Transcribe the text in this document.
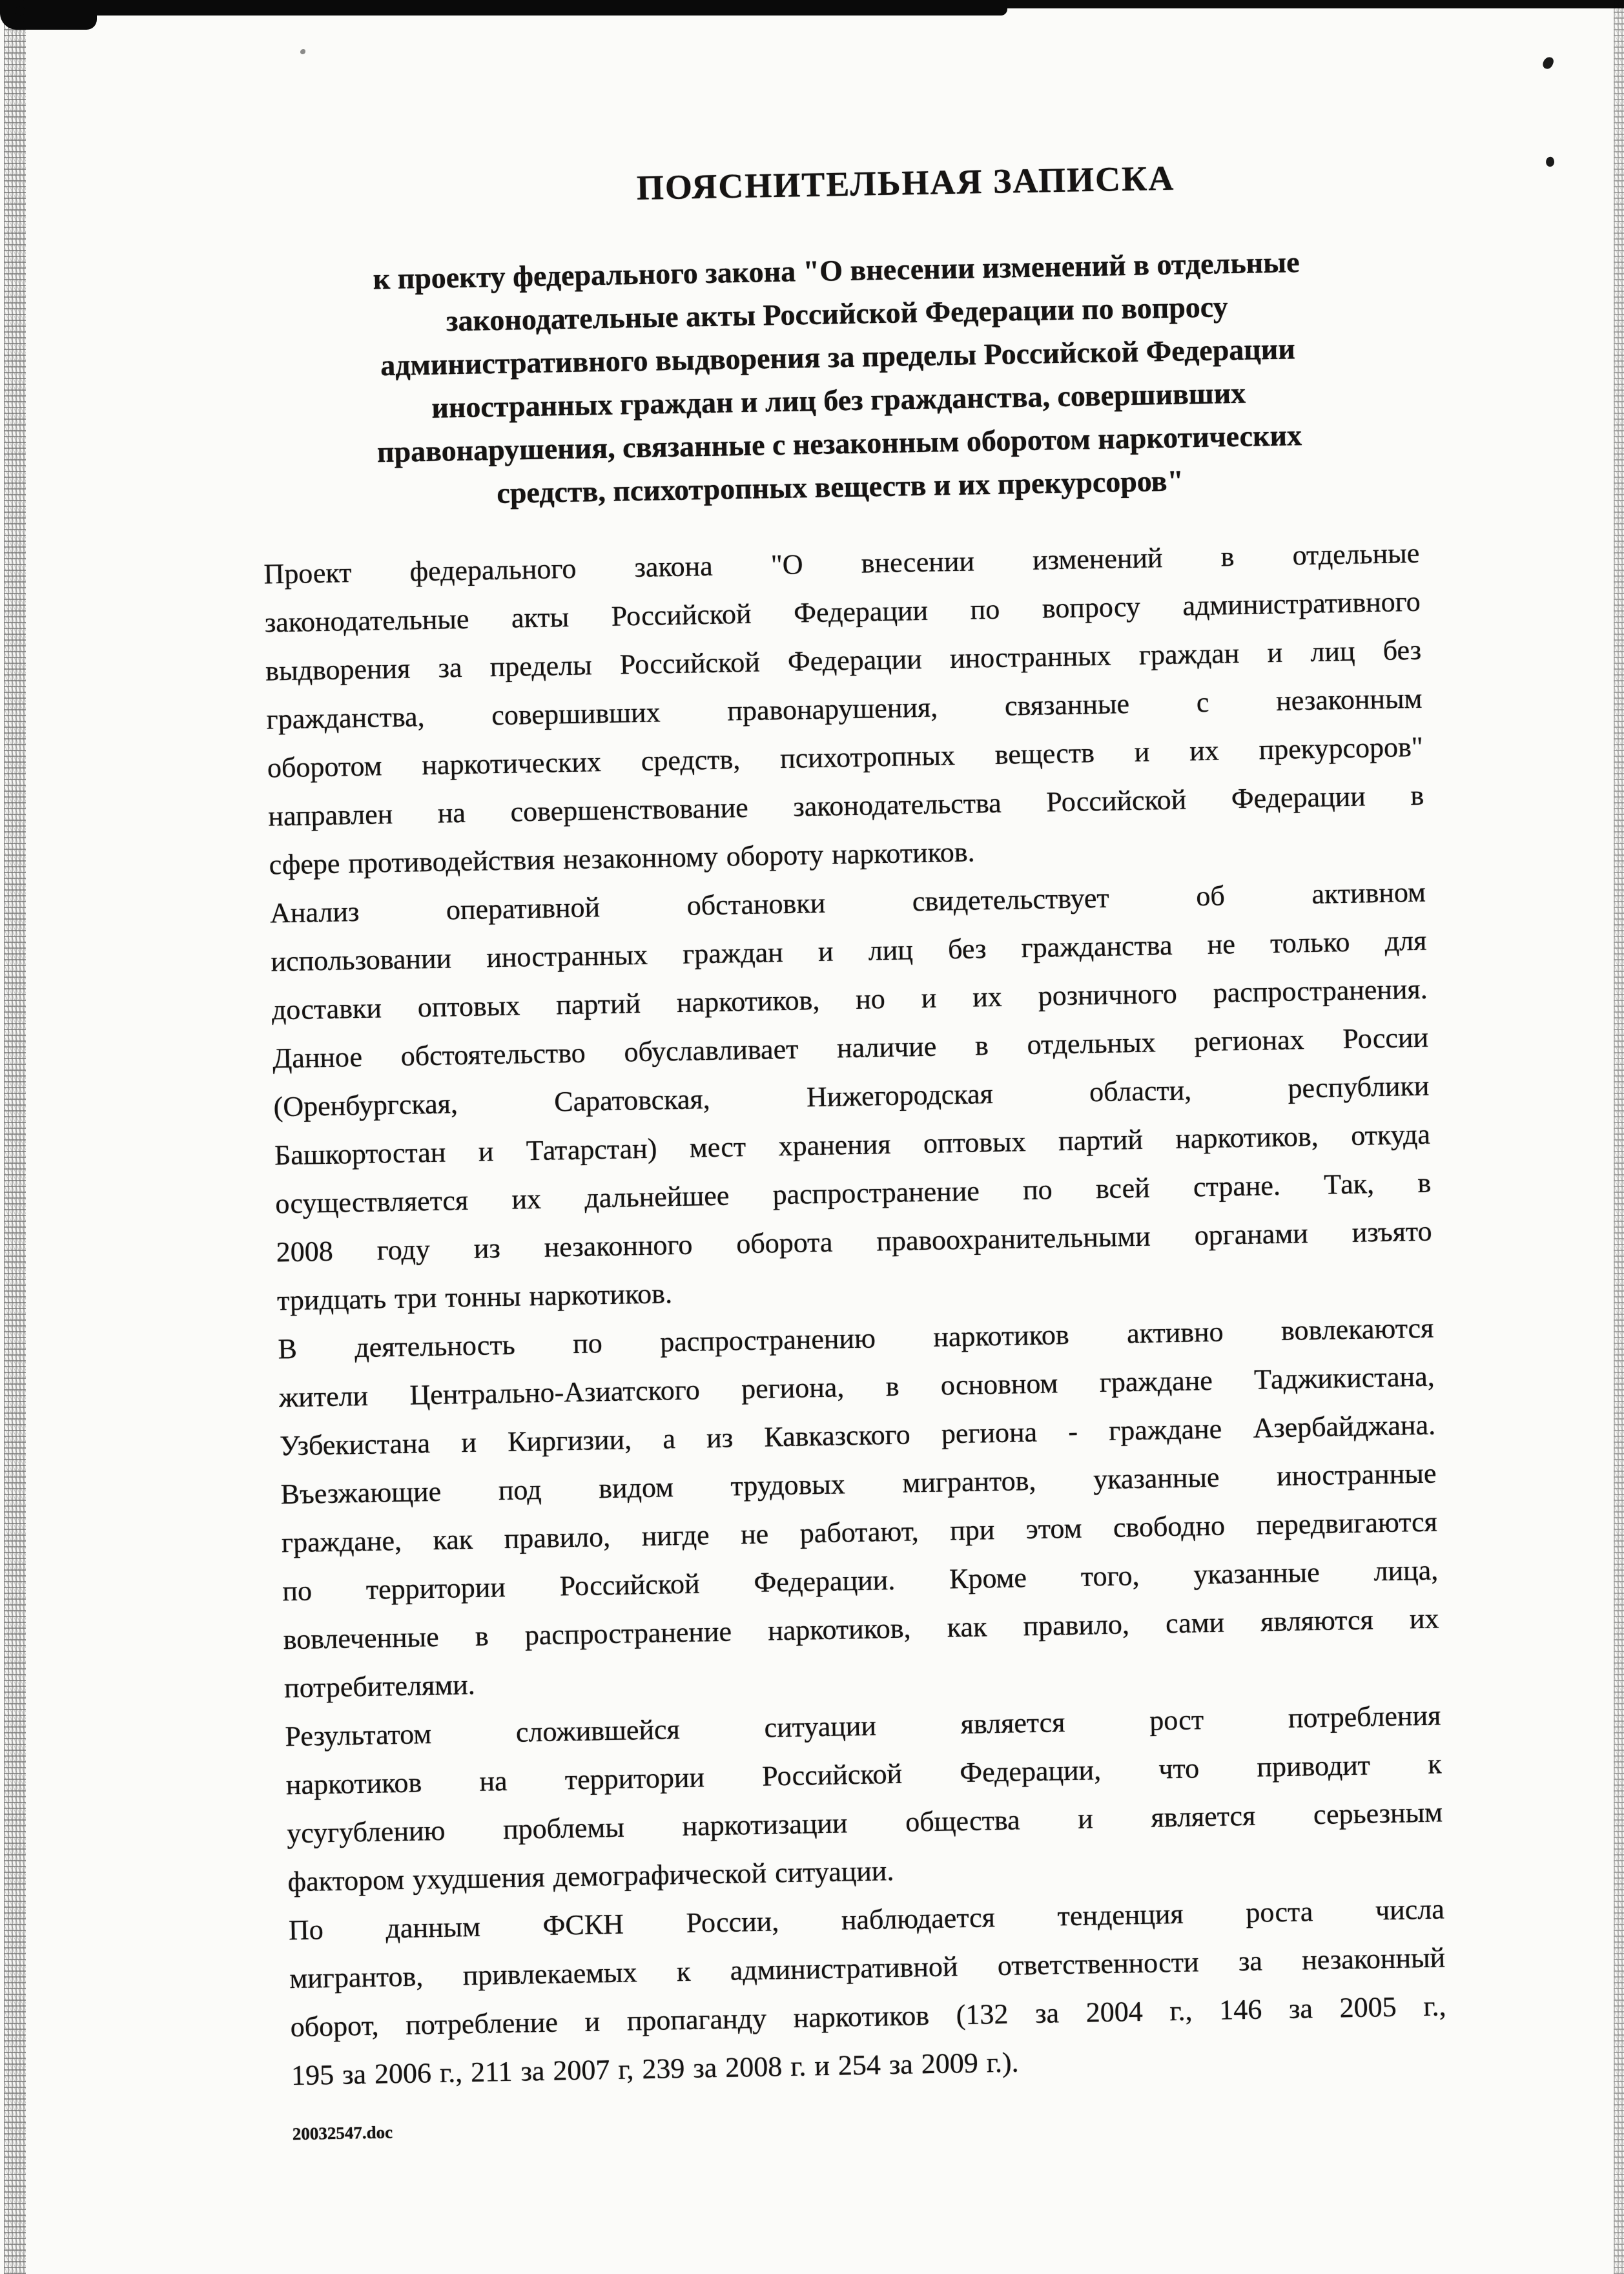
ПОЯСНИТЕЛЬНАЯ ЗАПИСКА
к проекту федерального закона "О внесении изменений в отдельные
законодательные акты Российской Федерации по вопросу
административного выдворения за пределы Российской Федерации
иностранных граждан и лиц без гражданства, совершивших
правонарушения, связанные с незаконным оборотом наркотических
средств, психотропных веществ и их прекурсоров"
Проект федерального закона "О внесении изменений в отдельные
законодательные акты Российской Федерации по вопросу административного
выдворения за пределы Российской Федерации иностранных граждан и лиц без
гражданства, совершивших правонарушения, связанные с незаконным
оборотом наркотических средств, психотропных веществ и их прекурсоров"
направлен на совершенствование законодательства Российской Федерации в
сфере противодействия незаконному обороту наркотиков.
Анализ оперативной обстановки свидетельствует об активном
использовании иностранных граждан и лиц без гражданства не только для
доставки оптовых партий наркотиков, но и их розничного распространения.
Данное обстоятельство обуславливает наличие в отдельных регионах России
(Оренбургская, Саратовская, Нижегородская области, республики
Башкортостан и Татарстан) мест хранения оптовых партий наркотиков, откуда
осуществляется их дальнейшее распространение по всей стране. Так, в
2008 году из незаконного оборота правоохранительными органами изъято
тридцать три тонны наркотиков.
В деятельность по распространению наркотиков активно вовлекаются
жители Центрально-Азиатского региона, в основном граждане Таджикистана,
Узбекистана и Киргизии, а из Кавказского региона - граждане Азербайджана.
Въезжающие под видом трудовых мигрантов, указанные иностранные
граждане, как правило, нигде не работают, при этом свободно передвигаются
по территории Российской Федерации. Кроме того, указанные лица,
вовлеченные в распространение наркотиков, как правило, сами являются их
потребителями.
Результатом сложившейся ситуации является рост потребления
наркотиков на территории Российской Федерации, что приводит к
усугублению проблемы наркотизации общества и является серьезным
фактором ухудшения демографической ситуации.
По данным ФСКН России, наблюдается тенденция роста числа
мигрантов, привлекаемых к административной ответственности за незаконный
оборот, потребление и пропаганду наркотиков (132 за 2004 г., 146 за 2005 г.,
195 за 2006 г., 211 за 2007 г, 239 за 2008 г. и 254 за 2009 г.).
20032547.doc
